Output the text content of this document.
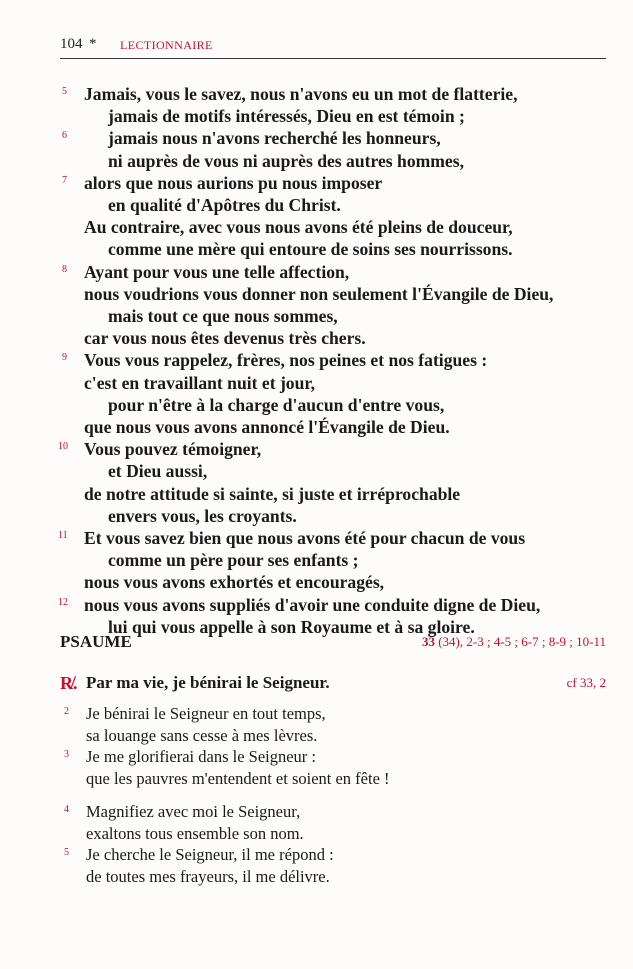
104 * LECTIONNAIRE
5 Jamais, vous le savez, nous n'avons eu un mot de flatterie,
jamais de motifs intéressés, Dieu en est témoin ;
6 jamais nous n'avons recherché les honneurs,
ni auprès de vous ni auprès des autres hommes,
7 alors que nous aurions pu nous imposer
en qualité d'Apôtres du Christ.
Au contraire, avec vous nous avons été pleins de douceur,
comme une mère qui entoure de soins ses nourrissons.
8 Ayant pour vous une telle affection,
nous voudrions vous donner non seulement l'Évangile de Dieu,
mais tout ce que nous sommes,
car vous nous êtes devenus très chers.
9 Vous vous rappelez, frères, nos peines et nos fatigues :
c'est en travaillant nuit et jour,
pour n'être à la charge d'aucun d'entre vous,
que nous vous avons annoncé l'Évangile de Dieu.
10 Vous pouvez témoigner,
et Dieu aussi,
de notre attitude si sainte, si juste et irréprochable
envers vous, les croyants.
11 Et vous savez bien que nous avons été pour chacun de vous
comme un père pour ses enfants ;
nous vous avons exhortés et encouragés,
12 nous vous avons suppliés d'avoir une conduite digne de Dieu,
lui qui vous appelle à son Royaume et à sa gloire.
PSAUME	33 (34), 2-3 ; 4-5 ; 6-7 ; 8-9 ; 10-11
R̸. Par ma vie, je bénirai le Seigneur.	cf 33, 2
2 Je bénirai le Seigneur en tout temps,
sa louange sans cesse à mes lèvres.
3 Je me glorifierai dans le Seigneur :
que les pauvres m'entendent et soient en fête !
4 Magnifiez avec moi le Seigneur,
exaltons tous ensemble son nom.
5 Je cherche le Seigneur, il me répond :
de toutes mes frayeurs, il me délivre.
